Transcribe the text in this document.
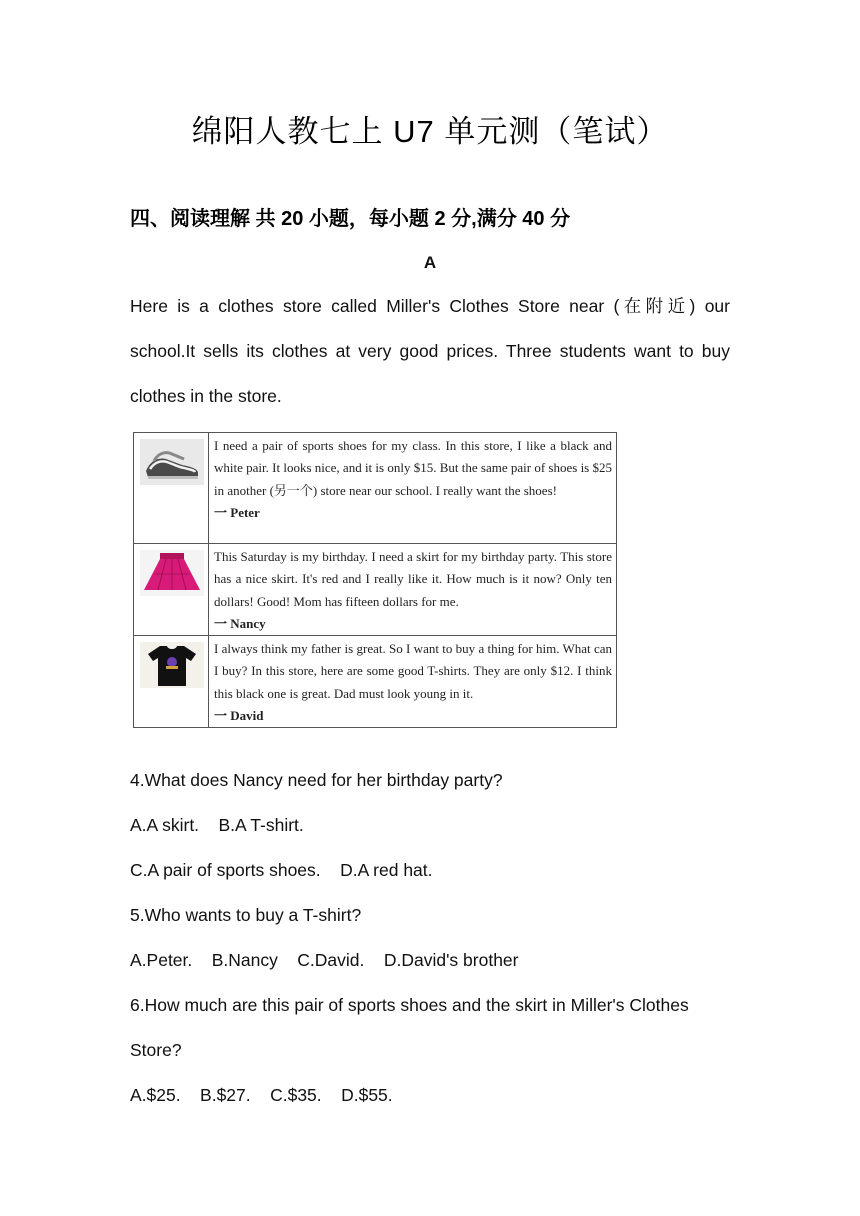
绵阳人教七上 U7 单元测（笔试）
四、阅读理解 共 20 小题，每小题 2 分,满分 40 分
A

Here is a clothes store called Miller's Clothes Store near (在附近) our school.It sells its clothes at very good prices. Three students want to buy clothes in the store.

I need a pair of sports shoes for my class. In this store, I like a black and white pair. It looks nice, and it is only $15. But the same pair of shoes is $25 in another (另一个) store near our school. I really want the shoes!
一 Peter

This Saturday is my birthday. I need a skirt for my birthday party. This store has a nice skirt. It's red and I really like it. How much is it now? Only ten dollars! Good! Mom has fifteen dollars for me.
一 Nancy

I always think my father is great. So I want to buy a thing for him. What can I buy? In this store, here are some good T-shirts. They are only $12. I think this black one is great. Dad must look young in it.
一 David
4.What does Nancy need for her birthday party?
A.A skirt.    B.A T-shirt.
C.A pair of sports shoes.    D.A red hat.
5.Who wants to buy a T-shirt?
A.Peter.    B.Nancy    C.David.    D.David's brother
6.How much are this pair of sports shoes and the skirt in Miller's Clothes Store?
A.$25.    B.$27.    C.$35.    D.$55.
